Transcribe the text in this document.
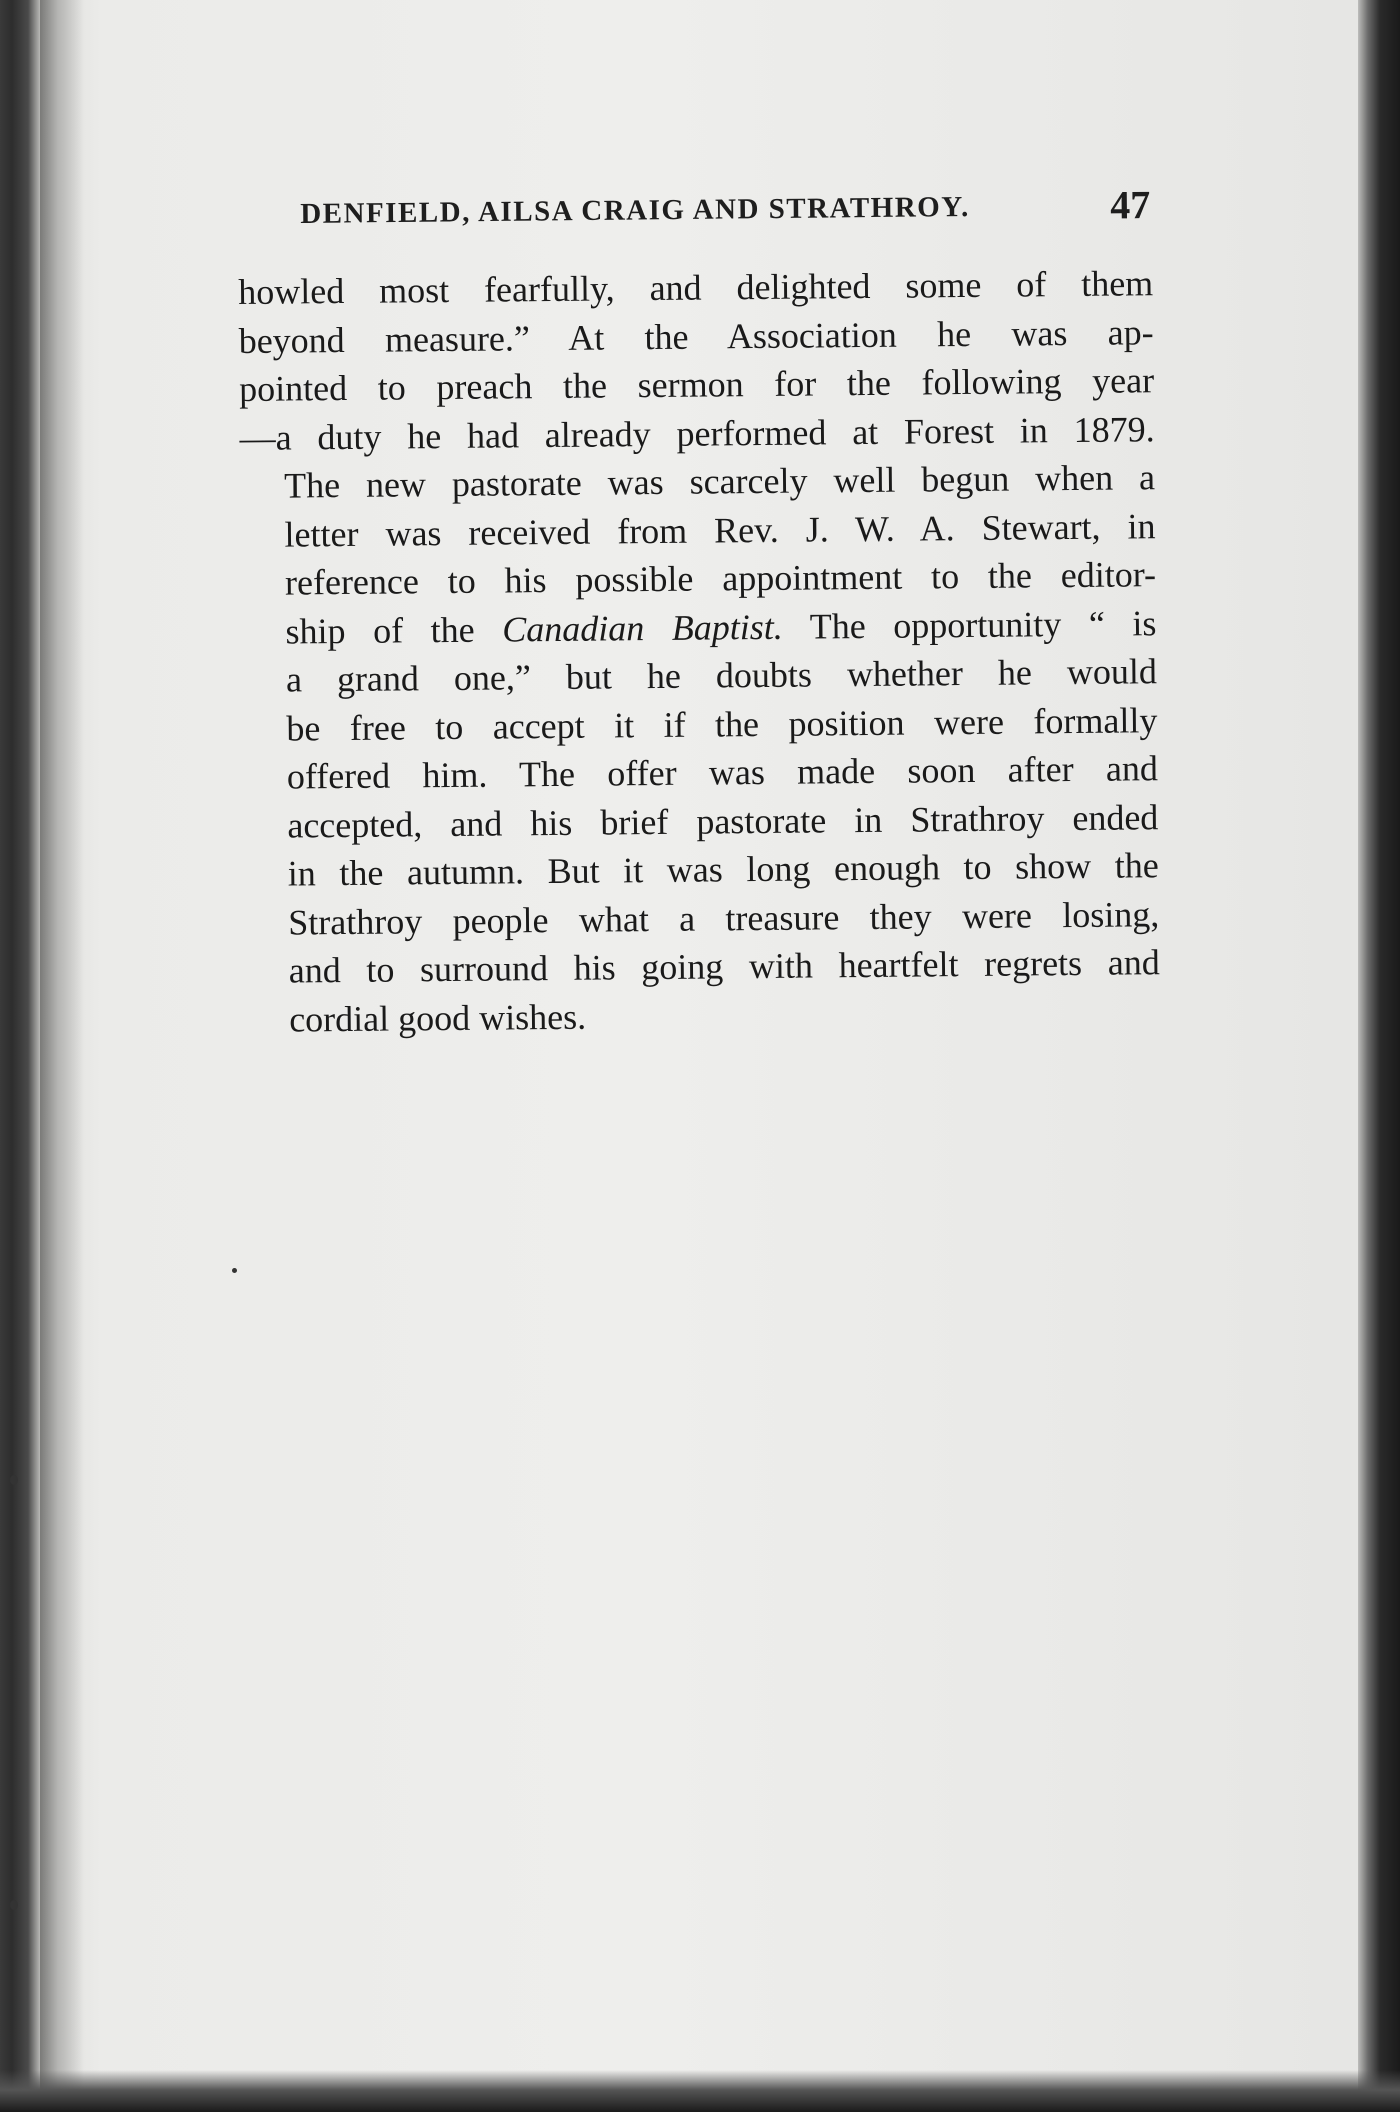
DENFIELD, AILSA CRAIG AND STRATHROY.	47

howled most fearfully, and delighted some of them
beyond measure.” At the Association he was ap-
pointed to preach the sermon for the following year
—a duty he had already performed at Forest in 1879.

The new pastorate was scarcely well begun when a
letter was received from Rev. J. W. A. Stewart, in
reference to his possible appointment to the editor-
ship of the Canadian Baptist. The opportunity “ is
a grand one,” but he doubts whether he would
be free to accept it if the position were formally
offered him. The offer was made soon after and
accepted, and his brief pastorate in Strathroy ended
in the autumn. But it was long enough to show the
Strathroy people what a treasure they were losing,
and to surround his going with heartfelt regrets and
cordial good wishes.
